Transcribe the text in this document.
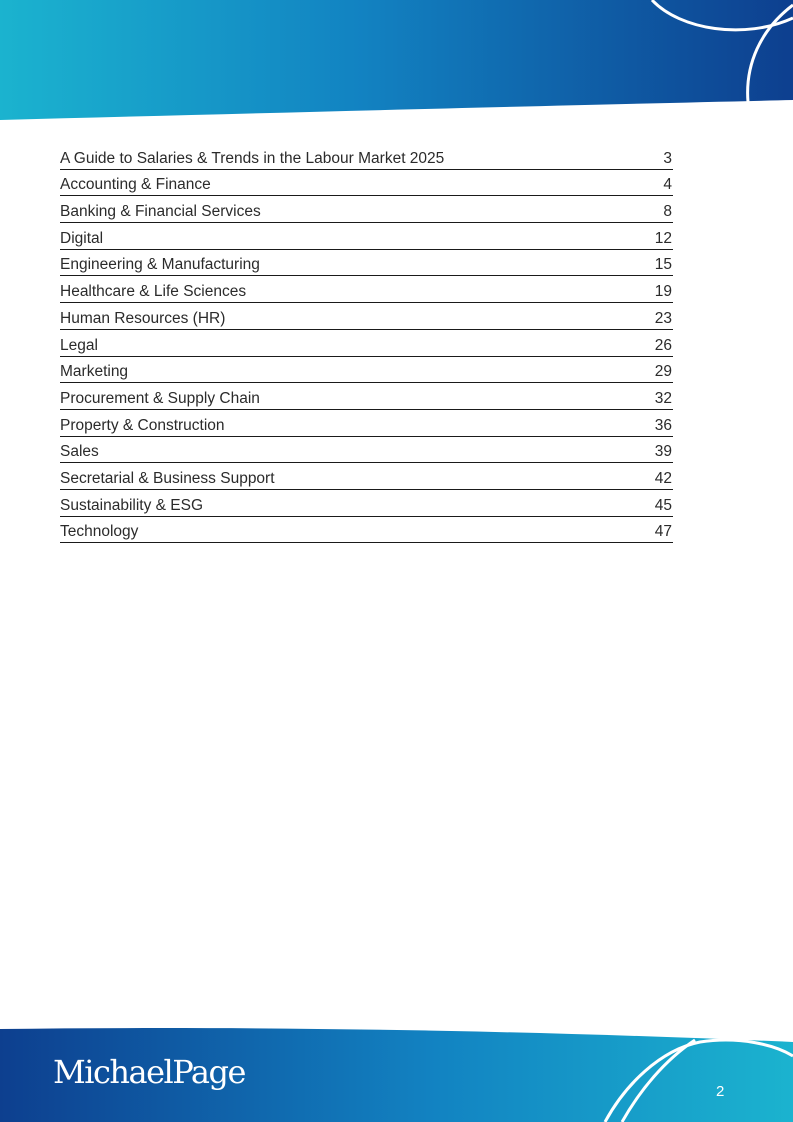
A Guide to Salaries & Trends in the Labour Market 2025	3
Accounting & Finance	4
Banking & Financial Services	8
Digital	12
Engineering & Manufacturing	15
Healthcare & Life Sciences	19
Human Resources (HR)	23
Legal	26
Marketing	29
Procurement & Supply Chain	32
Property & Construction	36
Sales	39
Secretarial & Business Support	42
Sustainability & ESG	45
Technology	47
MichaelPage
2
